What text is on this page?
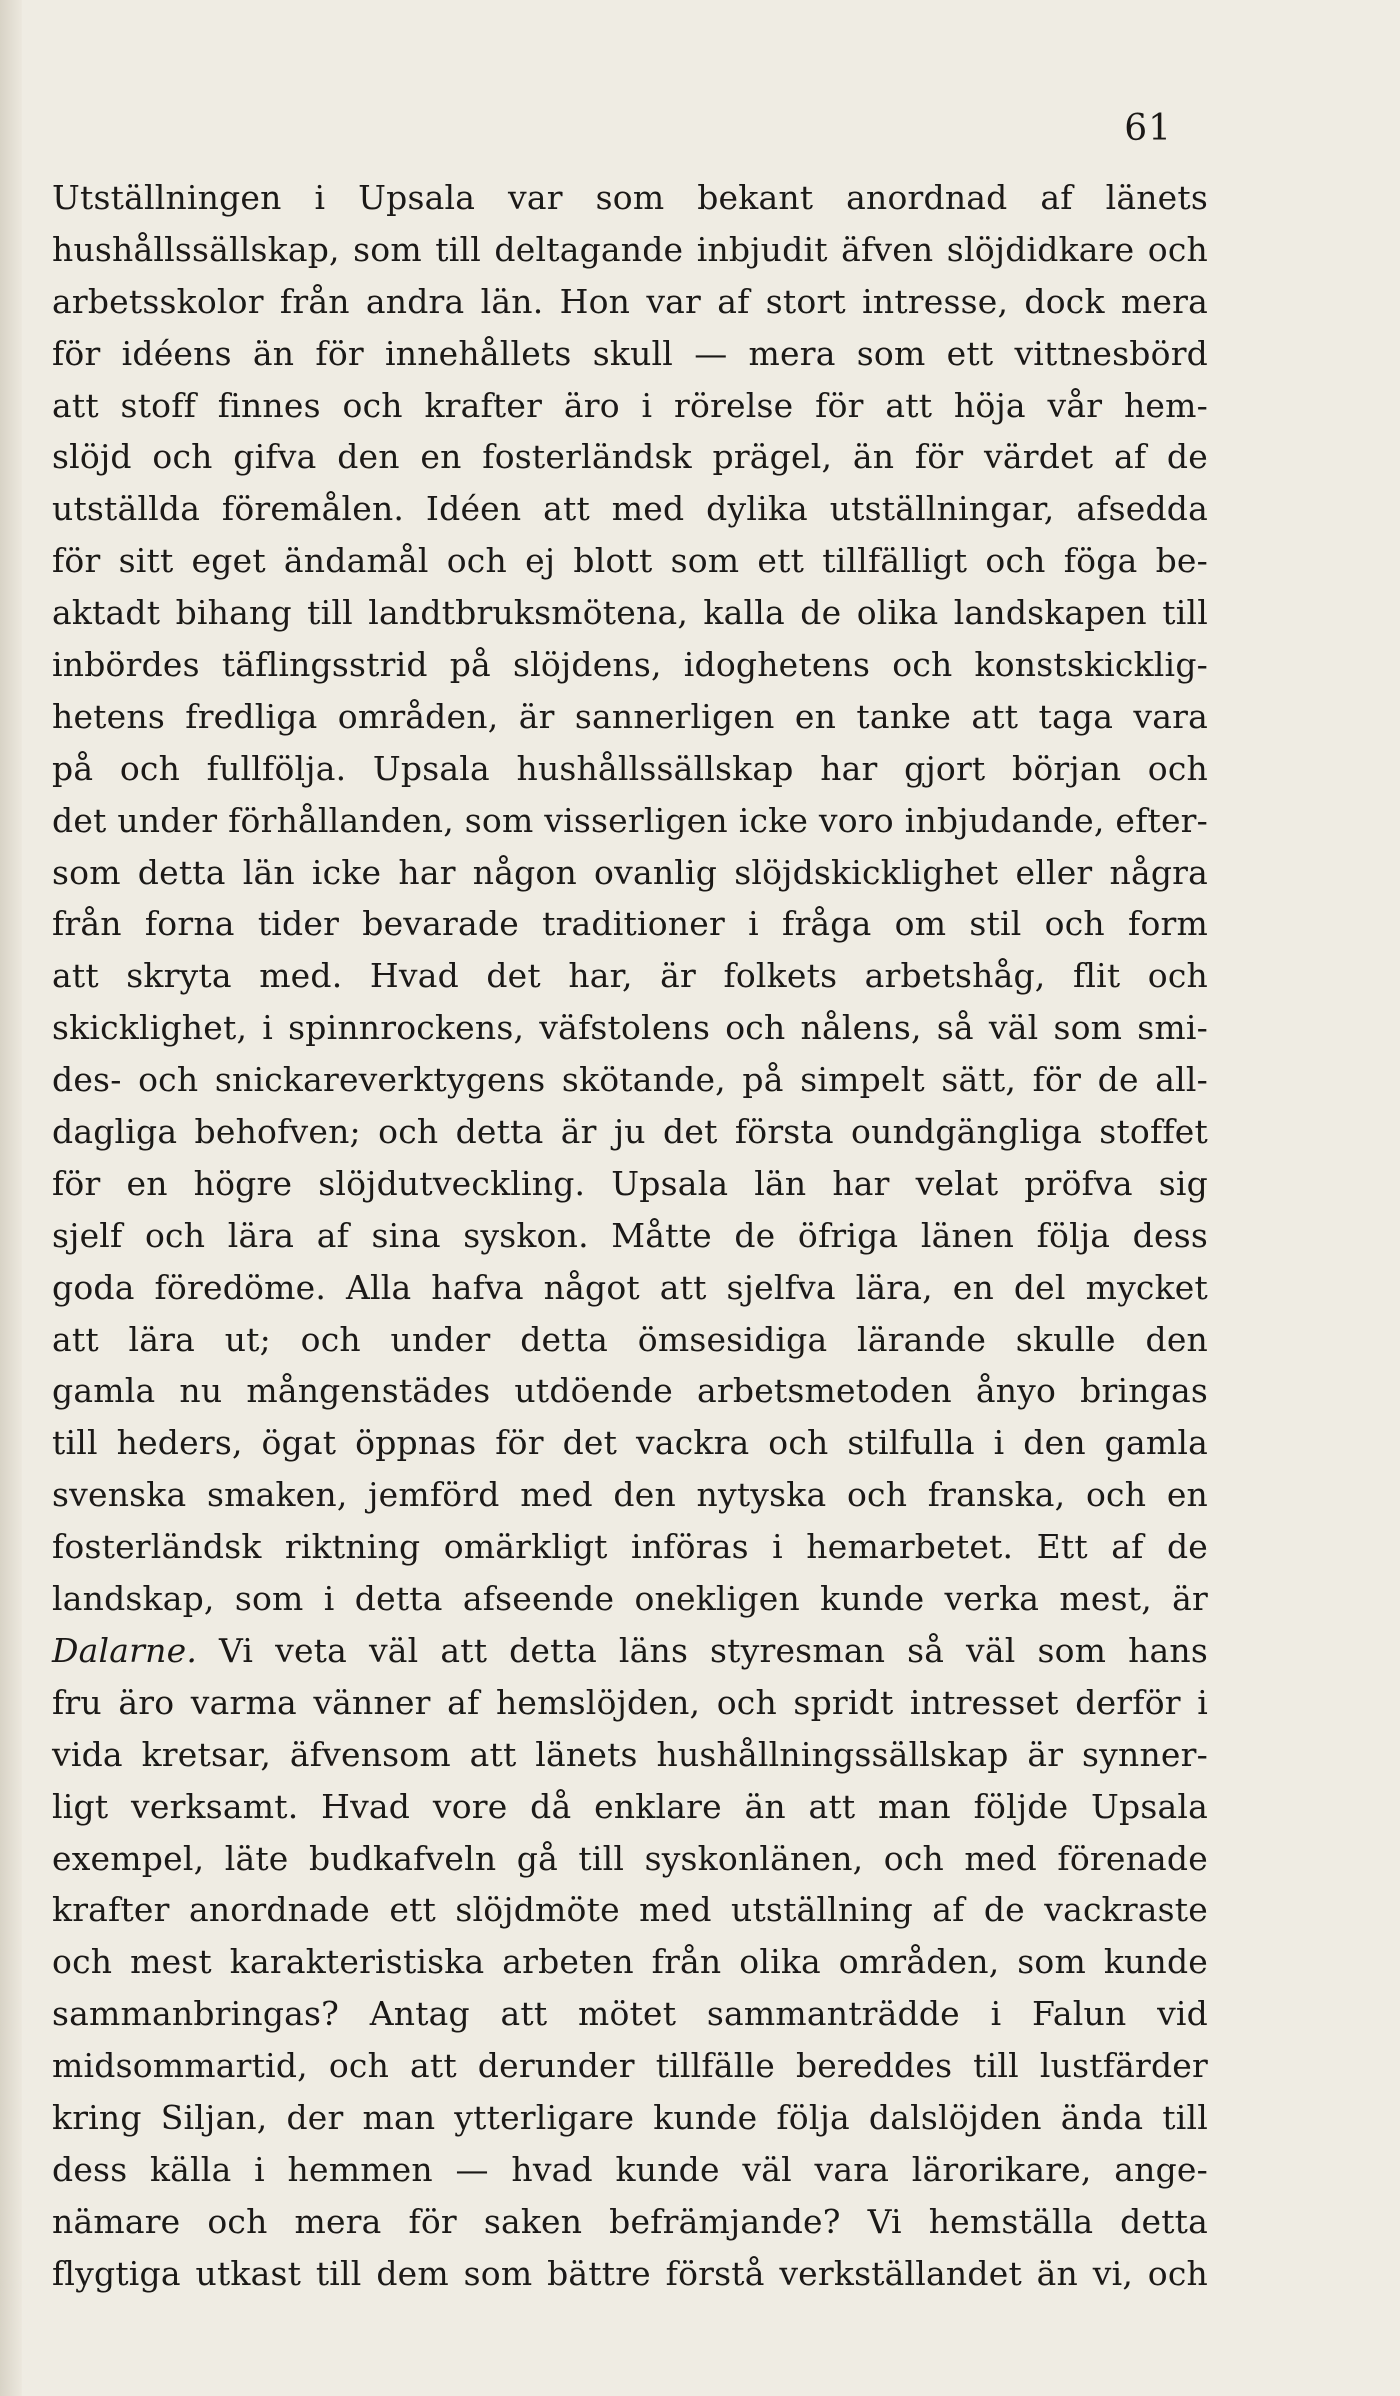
61
Utställningen i Upsala var som bekant anordnad af länets
hushållssällskap, som till deltagande inbjudit äfven slöjdidkare och
arbetsskolor från andra län. Hon var af stort intresse, dock mera
för idéens än för innehållets skull — mera som ett vittnesbörd
att stoff finnes och krafter äro i rörelse för att höja vår hem-
slöjd och gifva den en fosterländsk prägel, än för värdet af de
utställda föremålen. Idéen att med dylika utställningar, afsedda
för sitt eget ändamål och ej blott som ett tillfälligt och föga be-
aktadt bihang till landtbruksmötena, kalla de olika landskapen till
inbördes täflingsstrid på slöjdens, idoghetens och konstskicklig-
hetens fredliga områden, är sannerligen en tanke att taga vara
på och fullfölja. Upsala hushållssällskap har gjort början och
det under förhållanden, som visserligen icke voro inbjudande, efter-
som detta län icke har någon ovanlig slöjdskicklighet eller några
från forna tider bevarade traditioner i fråga om stil och form
att skryta med. Hvad det har, är folkets arbetshåg, flit och
skicklighet, i spinnrockens, väfstolens och nålens, så väl som smi-
des- och snickareverktygens skötande, på simpelt sätt, för de all-
dagliga behofven; och detta är ju det första oundgängliga stoffet
för en högre slöjdutveckling. Upsala län har velat pröfva sig
sjelf och lära af sina syskon. Måtte de öfriga länen följa dess
goda föredöme. Alla hafva något att sjelfva lära, en del mycket
att lära ut; och under detta ömsesidiga lärande skulle den
gamla nu mångenstädes utdöende arbetsmetoden ånyo bringas
till heders, ögat öppnas för det vackra och stilfulla i den gamla
svenska smaken, jemförd med den nytyska och franska, och en
fosterländsk riktning omärkligt införas i hemarbetet. Ett af de
landskap, som i detta afseende onekligen kunde verka mest, är
Dalarne. Vi veta väl att detta läns styresman så väl som hans
fru äro varma vänner af hemslöjden, och spridt intresset derför i
vida kretsar, äfvensom att länets hushållningssällskap är synner-
ligt verksamt. Hvad vore då enklare än att man följde Upsala
exempel, läte budkafveln gå till syskonlänen, och med förenade
krafter anordnade ett slöjdmöte med utställning af de vackraste
och mest karakteristiska arbeten från olika områden, som kunde
sammanbringas? Antag att mötet sammanträdde i Falun vid
midsommartid, och att derunder tillfälle bereddes till lustfärder
kring Siljan, der man ytterligare kunde följa dalslöjden ända till
dess källa i hemmen — hvad kunde väl vara lärorikare, ange-
nämare och mera för saken befrämjande? Vi hemställa detta
flygtiga utkast till dem som bättre förstå verkställandet än vi, och
